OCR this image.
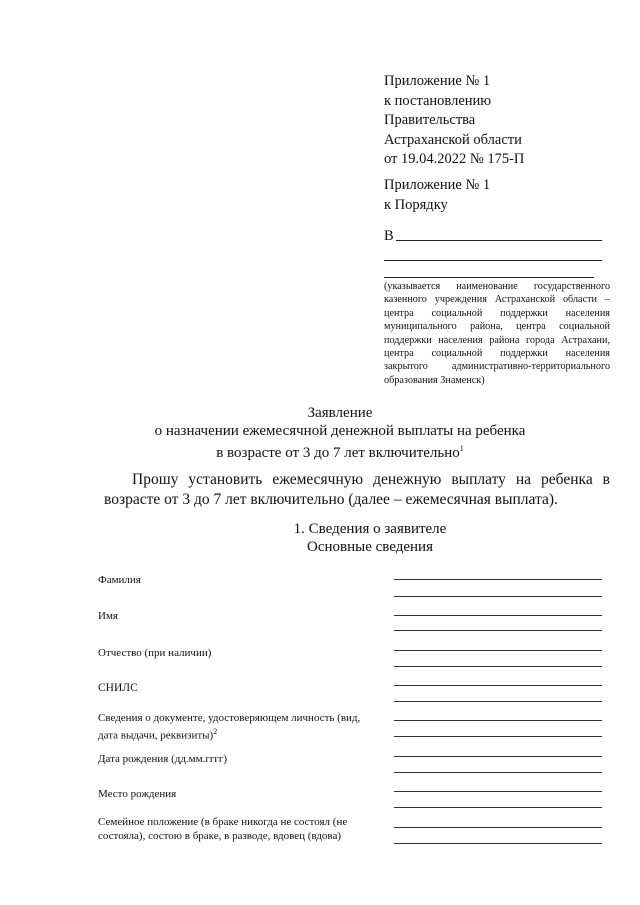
Приложение № 1
к постановлению
Правительства
Астраханской области
от 19.04.2022 № 175-П
Приложение № 1
к Порядку
В
(указывается наименование государственного казенного учреждения Астраханской области – центра социальной поддержки населения муниципального района, центра социальной поддержки населения района города Астрахани, центра социальной поддержки населения закрытого административно-территориального образования Знаменск)
Заявление
о назначении ежемесячной денежной выплаты на ребенка
в возрасте от 3 до 7 лет включительно$^1$
Прошу установить ежемесячную денежную выплату на ребенка в возрасте от 3 до 7 лет включительно (далее – ежемесячная выплата).
1. Сведения о заявителе
Основные сведения
Фамилия
Имя
Отчество (при наличии)
СНИЛС
Сведения о документе, удостоверяющем личность (вид, дата выдачи, реквизиты)$^2$
Дата рождения (дд.мм.гггг)
Место рождения
Семейное положение (в браке никогда не состоял (не состояла), состою в браке, в разводе, вдовец (вдова)
